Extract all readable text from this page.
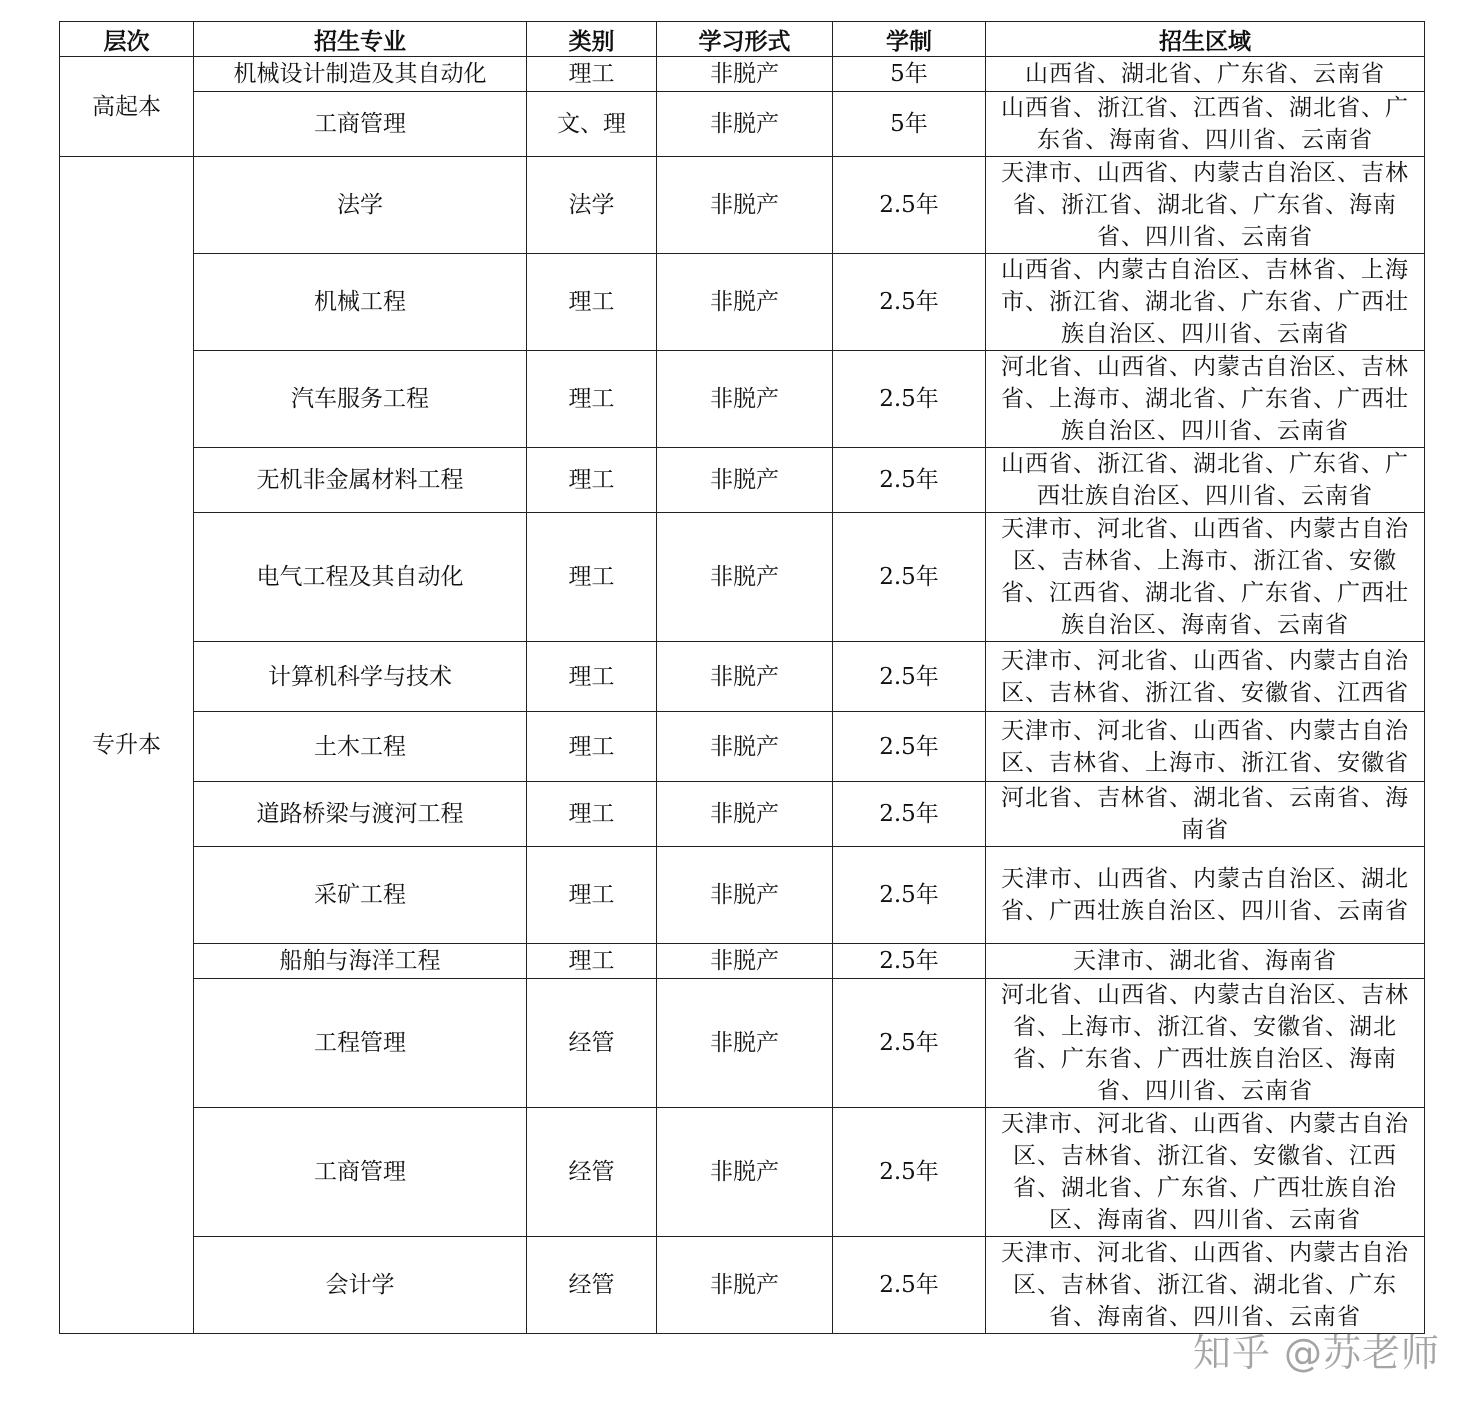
层次	招生专业	类别	学习形式	学制	招生区域
高起本	机械设计制造及其自动化	理工	非脱产	5年	山西省、湖北省、广东省、云南省
	工商管理	文、理	非脱产	5年	山西省、浙江省、江西省、湖北省、广东省、海南省、四川省、云南省
专升本	法学	法学	非脱产	2.5年	天津市、山西省、内蒙古自治区、吉林省、浙江省、湖北省、广东省、海南省、四川省、云南省
	机械工程	理工	非脱产	2.5年	山西省、内蒙古自治区、吉林省、上海市、浙江省、湖北省、广东省、广西壮族自治区、四川省、云南省
	汽车服务工程	理工	非脱产	2.5年	河北省、山西省、内蒙古自治区、吉林省、上海市、湖北省、广东省、广西壮族自治区、四川省、云南省
	无机非金属材料工程	理工	非脱产	2.5年	山西省、浙江省、湖北省、广东省、广西壮族自治区、四川省、云南省
	电气工程及其自动化	理工	非脱产	2.5年	天津市、河北省、山西省、内蒙古自治区、吉林省、上海市、浙江省、安徽省、江西省、湖北省、广东省、广西壮族自治区、海南省、云南省
	计算机科学与技术	理工	非脱产	2.5年	天津市、河北省、山西省、内蒙古自治区、吉林省、浙江省、安徽省、江西省
	土木工程	理工	非脱产	2.5年	天津市、河北省、山西省、内蒙古自治区、吉林省、上海市、浙江省、安徽省
	道路桥梁与渡河工程	理工	非脱产	2.5年	河北省、吉林省、湖北省、云南省、海南省
	采矿工程	理工	非脱产	2.5年	天津市、山西省、内蒙古自治区、湖北省、广西壮族自治区、四川省、云南省
	船舶与海洋工程	理工	非脱产	2.5年	天津市、湖北省、海南省
	工程管理	经管	非脱产	2.5年	河北省、山西省、内蒙古自治区、吉林省、上海市、浙江省、安徽省、湖北省、广东省、广西壮族自治区、海南省、四川省、云南省
	工商管理	经管	非脱产	2.5年	天津市、河北省、山西省、内蒙古自治区、吉林省、浙江省、安徽省、江西省、湖北省、广东省、广西壮族自治区、海南省、四川省、云南省
	会计学	经管	非脱产	2.5年	天津市、河北省、山西省、内蒙古自治区、吉林省、浙江省、湖北省、广东省、海南省、四川省、云南省
知乎 @苏老师
